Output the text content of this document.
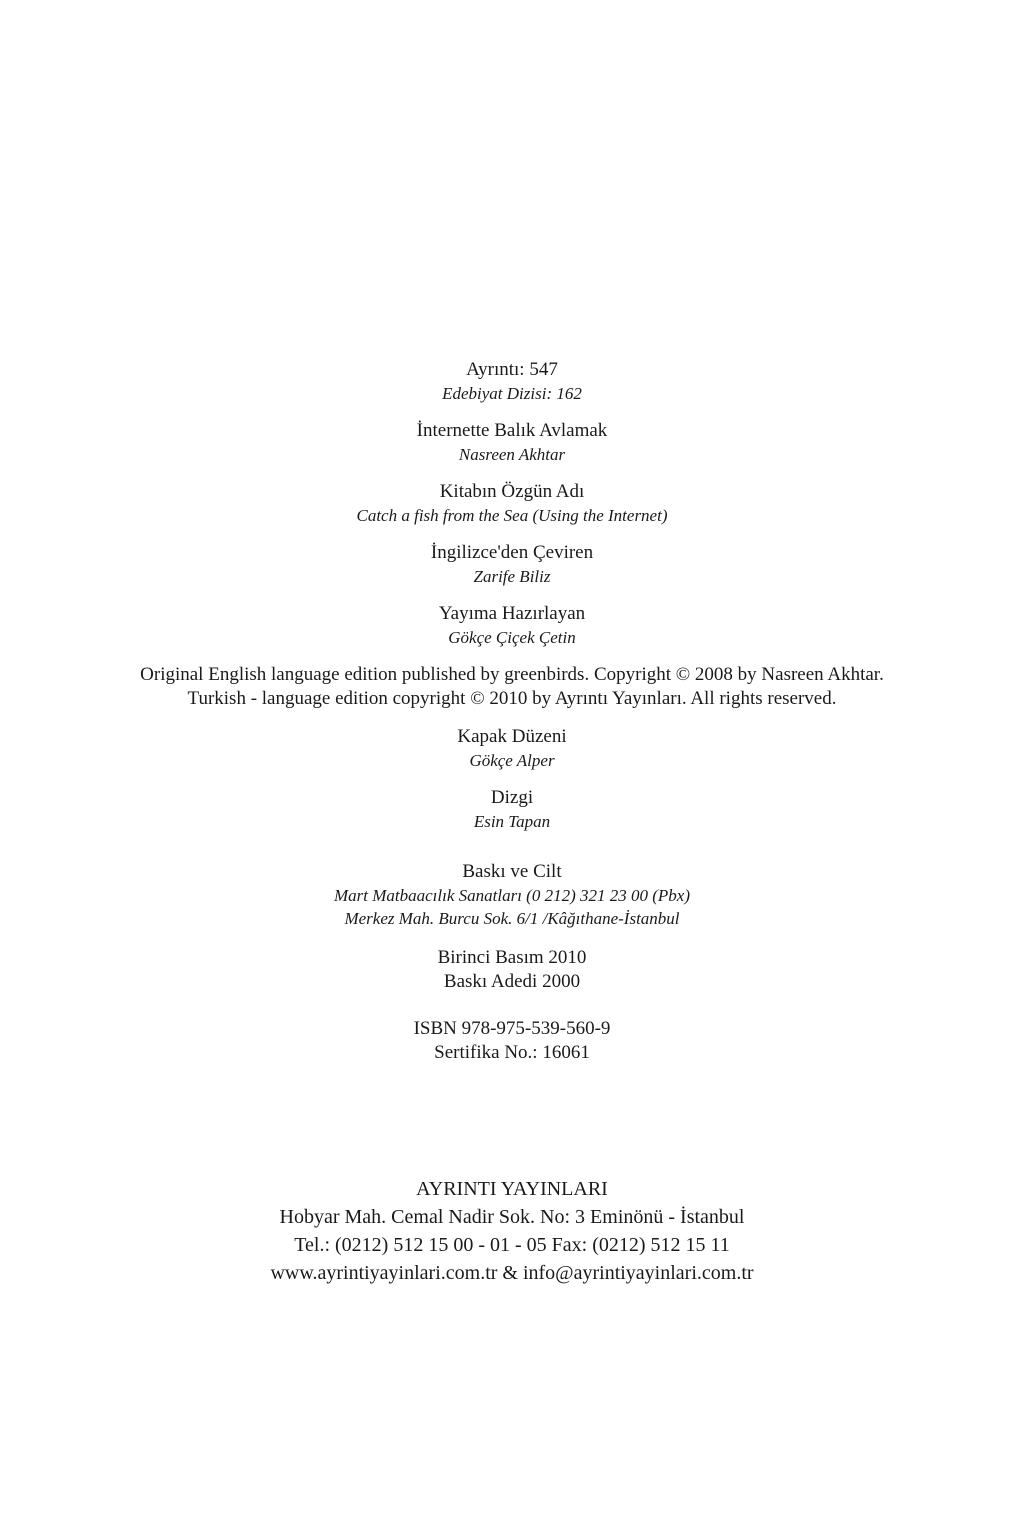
Ayrıntı: 547
Edebiyat Dizisi: 162
İnternette Balık Avlamak
Nasreen Akhtar
Kitabın Özgün Adı
Catch a fish from the Sea (Using the Internet)
İngilizce'den Çeviren
Zarife Biliz
Yayıma Hazırlayan
Gökçe Çiçek Çetin
Original English language edition published by greenbirds. Copyright © 2008 by Nasreen Akhtar.
Turkish - language edition copyright © 2010 by Ayrıntı Yayınları. All rights reserved.
Kapak Düzeni
Gökçe Alper
Dizgi
Esin Tapan
Baskı ve Cilt
Mart Matbaacılık Sanatları (0 212) 321 23 00 (Pbx)
Merkez Mah. Burcu Sok. 6/1 /Kâğıthane-İstanbul
Birinci Basım 2010
Baskı Adedi 2000
ISBN 978-975-539-560-9
Sertifika No.: 16061
AYRINTI YAYINLARI
Hobyar Mah. Cemal Nadir Sok. No: 3 Eminönü - İstanbul
Tel.: (0212) 512 15 00 - 01 - 05 Fax: (0212) 512 15 11
www.ayrintiyayinlari.com.tr & info@ayrintiyayinlari.com.tr
